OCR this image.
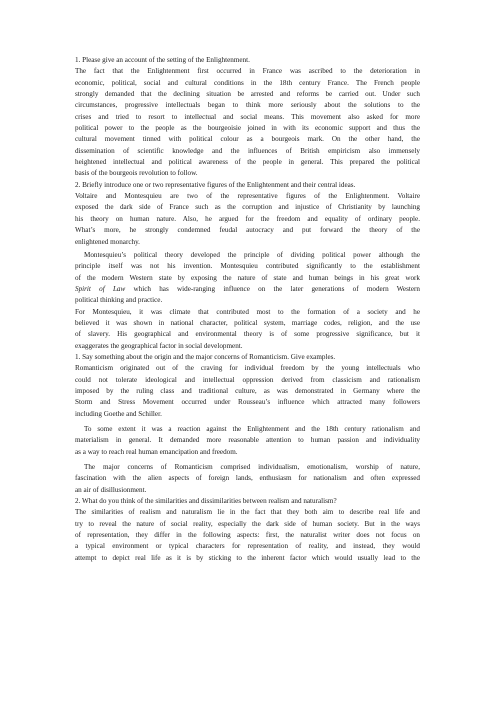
1. Please give an account of the setting of the Enlightenment.

The fact that the Enlightenment first occurred in France was ascribed to the deterioration in

economic, political, social and cultural conditions in the 18th century France. The French people

strongly demanded that the declining situation be arrested and reforms be carried out. Under such

circumstances, progressive intellectuals began to think more seriously about the solutions to the

crises and tried to resort to intellectual and social means. This movement also asked for more

political power to the people as the bourgeoisie joined in with its economic support and thus the

cultural movement tinned with political colour as a bourgeois mark. On the other hand, the

dissemination of scientific knowledge and the influences of British empiricism also immensely

heightened intellectual and political awareness of the people in general. This prepared the political

basis of the bourgeois revolution to follow.

2. Briefly introduce one or two representative figures of the Enlightenment and their central ideas.

Voltaire and Montesquieu are two of the representative figures of the Enlightenment. Voltaire

exposed the dark side of France such as the corruption and injustice of Christianity by launching

his theory on human nature. Also, he argued for the freedom and equality of ordinary people.

What’s more, he strongly condemned feudal autocracy and put forward the theory of the

enlightened monarchy.

Montesquieu’s political theory developed the principle of dividing political power although the

principle itself was not his invention. Montesquieu contributed significantly to the establishment

of the modern Western state by exposing the nature of state and human beings in his great work

Spirit of Law which has wide-ranging influence on the later generations of modern Western

political thinking and practice.

For Montesquieu, it was climate that contributed most to the formation of a society and he

believed it was shown in national character, political system, marriage codes, religion, and the use

of slavery. His geographical and environmental theory is of some progressive significance, but it

exaggerates the geographical factor in social development.

1. Say something about the origin and the major concerns of Romanticism. Give examples.

Romanticism originated out of the craving for individual freedom by the young intellectuals who

could not tolerate ideological and intellectual oppression derived from classicism and rationalism

imposed by the ruling class and traditional culture, as was demonstrated in Germany where the

Storm and Stress Movement occurred under Rousseau’s influence which attracted many followers

including Goethe and Schiller.

To some extent it was a reaction against the Enlightenment and the 18th century rationalism and

materialism in general. It demanded more reasonable attention to human passion and individuality

as a way to reach real human emancipation and freedom.

The major concerns of Romanticism comprised individualism, emotionalism, worship of nature,

fascination with the alien aspects of foreign lands, enthusiasm for nationalism and often expressed

an air of disillusionment.

2. What do you think of the similarities and dissimilarities between realism and naturalism?

The similarities of realism and naturalism lie in the fact that they both aim to describe real life and

try to reveal the nature of social reality, especially the dark side of human society. But in the ways

of representation, they differ in the following aspects: first, the naturalist writer does not focus on

a typical environment or typical characters for representation of reality, and instead, they would

attempt to depict real life as it is by sticking to the inherent factor which would usually lead to the
